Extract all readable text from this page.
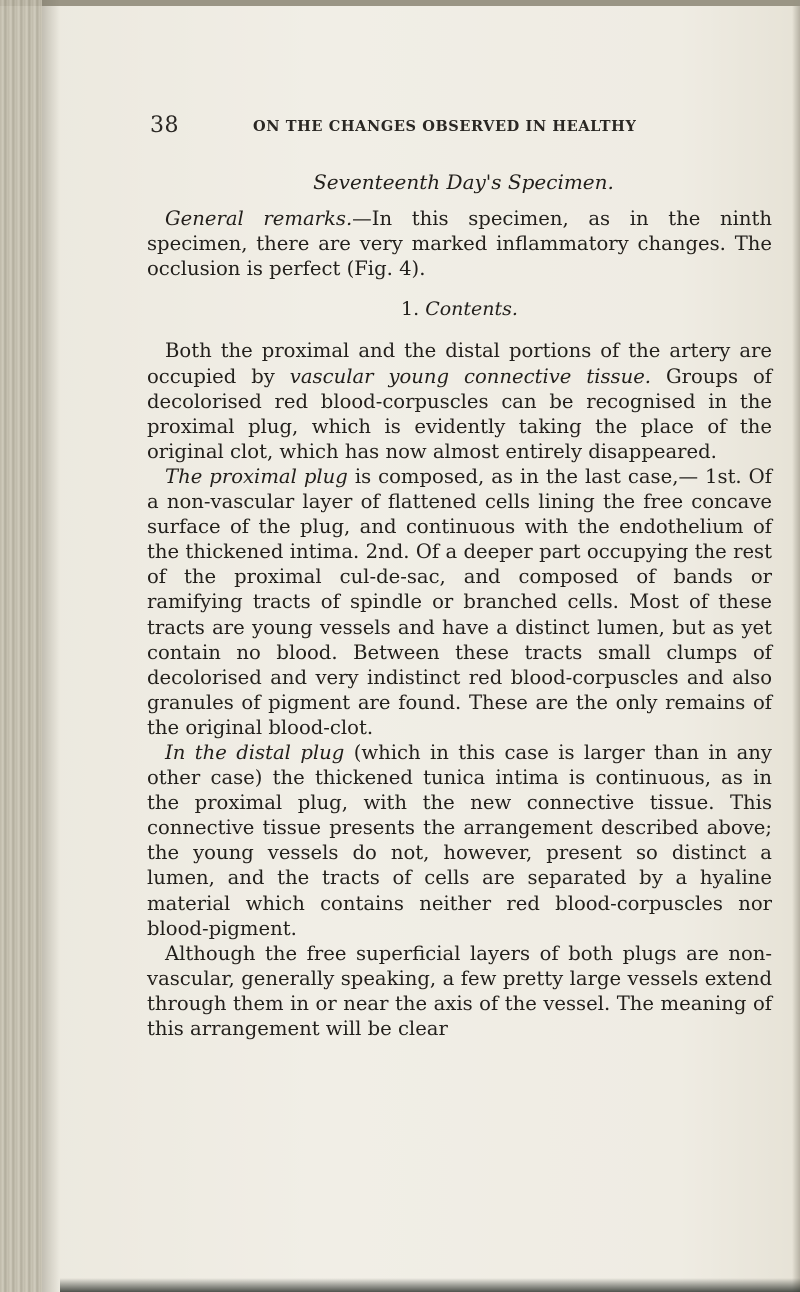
38	ON THE CHANGES OBSERVED IN HEALTHY
Seventeenth Day's Specimen.

General remarks.—In this specimen, as in the ninth specimen, there are very marked inflammatory changes. The occlusion is perfect (Fig. 4).

1. Contents.

Both the proximal and the distal portions of the artery are occupied by vascular young connective tissue. Groups of decolorised red blood-corpuscles can be recognised in the proximal plug, which is evidently taking the place of the original clot, which has now almost entirely disappeared.

The proximal plug is composed, as in the last case,— 1st. Of a non-vascular layer of flattened cells lining the free concave surface of the plug, and continuous with the endothelium of the thickened intima. 2nd. Of a deeper part occupying the rest of the proximal cul-de-sac, and composed of bands or ramifying tracts of spindle or branched cells. Most of these tracts are young vessels and have a distinct lumen, but as yet contain no blood. Between these tracts small clumps of decolorised and very indistinct red blood-corpuscles and also granules of pigment are found. These are the only remains of the original blood-clot.

In the distal plug (which in this case is larger than in any other case) the thickened tunica intima is continuous, as in the proximal plug, with the new connective tissue. This connective tissue presents the arrangement described above; the young vessels do not, however, present so distinct a lumen, and the tracts of cells are separated by a hyaline material which contains neither red blood-corpuscles nor blood-pigment.

Although the free superficial layers of both plugs are non-vascular, generally speaking, a few pretty large vessels extend through them in or near the axis of the vessel. The meaning of this arrangement will be clear
